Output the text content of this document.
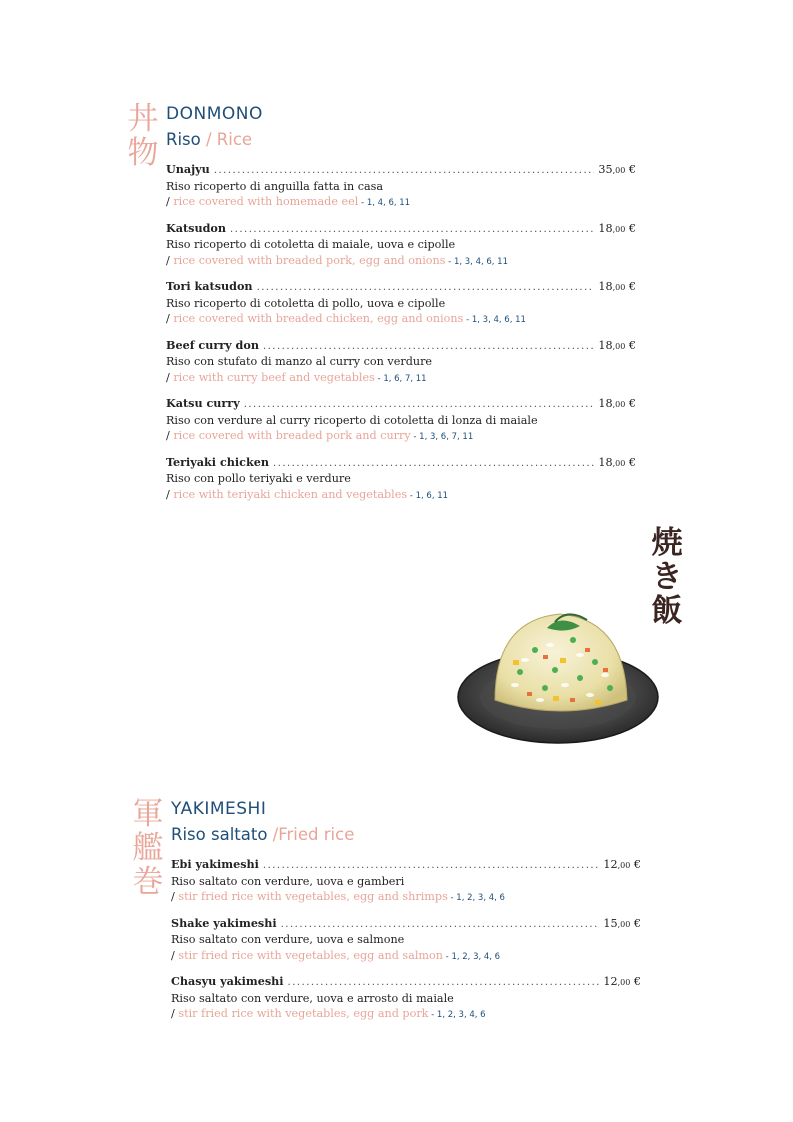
丼
物
DONMONO
Riso / Rice
Unajyu .....	35,00 €
Riso ricoperto di anguilla fatta in casa
/ rice covered with homemade eel - 1, 4, 6, 11
Katsudon .....	18,00 €
Riso ricoperto di cotoletta di maiale, uova e cipolle
/ rice covered with breaded pork, egg and onions - 1, 3, 4, 6, 11
Tori katsudon .....	18,00 €
Riso ricoperto di cotoletta di pollo, uova e cipolle
/ rice covered with breaded chicken, egg and onions - 1, 3, 4, 6, 11
Beef curry don .....	18,00 €
Riso con stufato di manzo al curry con verdure
/ rice with curry beef and vegetables - 1, 6, 7, 11
Katsu curry .....	18,00 €
Riso con verdure al curry ricoperto di cotoletta di lonza di maiale
/ rice covered with breaded pork and curry - 1, 3, 6, 7, 11
Teriyaki chicken .....	18,00 €
Riso con pollo teriyaki e verdure
/ rice with teriyaki chicken and vegetables - 1, 6, 11
焼
き
飯
軍
艦
巻
YAKIMESHI
Riso saltato /Fried rice
Ebi yakimeshi .....	12,00 €
Riso saltato con verdure, uova e gamberi
/ stir fried rice with vegetables, egg and shrimps - 1, 2, 3, 4, 6
Shake yakimeshi .....	15,00 €
Riso saltato con verdure, uova e salmone
/ stir fried rice with vegetables, egg and salmon - 1, 2, 3, 4, 6
Chasyu yakimeshi .....	12,00 €
Riso saltato con verdure, uova e arrosto di maiale
/ stir fried rice with vegetables, egg and pork - 1, 2, 3, 4, 6
